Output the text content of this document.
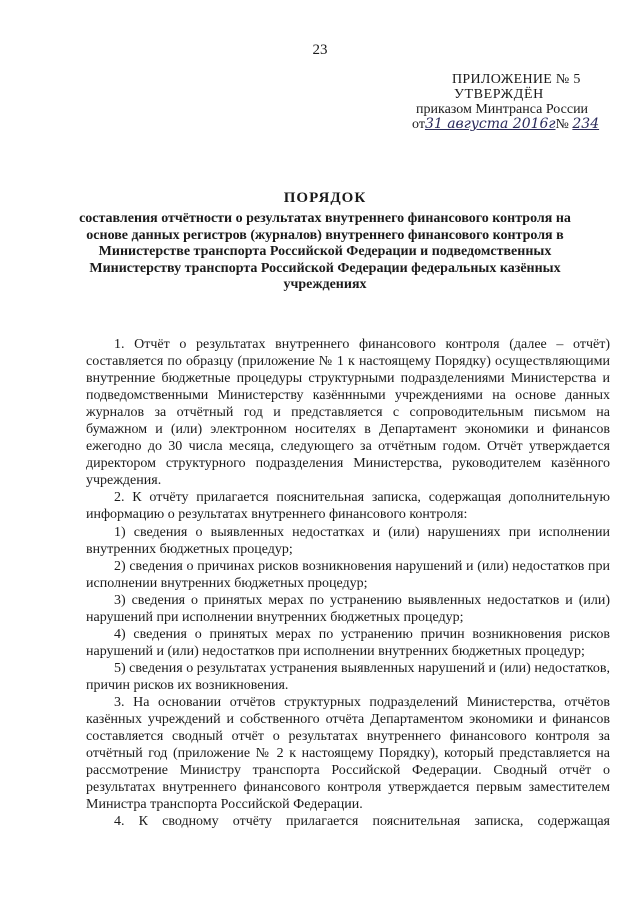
23
ПРИЛОЖЕНИЕ № 5
УТВЕРЖДЁН
приказом Минтранса России
от31 августа 2016г№ 234
ПОРЯДОК
составления отчётности о результатах внутреннего финансового контроля на основе данных регистров (журналов) внутреннего финансового контроля в Министерстве транспорта Российской Федерации и подведомственных Министерству транспорта Российской Федерации федеральных казённых учреждениях

1. Отчёт о результатах внутреннего финансового контроля (далее – отчёт) составляется по образцу (приложение № 1 к настоящему Порядку) осуществляющими внутренние бюджетные процедуры структурными подразделениями Министерства и подведомственными Министерству казённными учреждениями на основе данных журналов за отчётный год и представляется с сопроводительным письмом на бумажном и (или) электронном носителях в Департамент экономики и финансов ежегодно до 30 числа месяца, следующего за отчётным годом. Отчёт утверждается директором структурного подразделения Министерства, руководителем казённого учреждения.

2. К отчёту прилагается пояснительная записка, содержащая дополнительную информацию о результатах внутреннего финансового контроля:

1) сведения о выявленных недостатках и (или) нарушениях при исполнении внутренних бюджетных процедур;

2) сведения о причинах рисков возникновения нарушений и (или) недостатков при исполнении внутренних бюджетных процедур;

3) сведения о принятых мерах по устранению выявленных недостатков и (или) нарушений при исполнении внутренних бюджетных процедур;

4) сведения о принятых мерах по устранению причин возникновения рисков нарушений и (или) недостатков при исполнении внутренних бюджетных процедур;

5) сведения о результатах устранения выявленных нарушений и (или) недостатков, причин рисков их возникновения.

3. На основании отчётов структурных подразделений Министерства, отчётов казённых учреждений и собственного отчёта Департаментом экономики и финансов составляется сводный отчёт о результатах внутреннего финансового контроля за отчётный год (приложение № 2 к настоящему Порядку), который представляется на рассмотрение Министру транспорта Российской Федерации. Сводный отчёт о результатах внутреннего финансового контроля утверждается первым заместителем Министра транспорта Российской Федерации.

4. К сводному отчёту прилагается пояснительная записка, содержащая
